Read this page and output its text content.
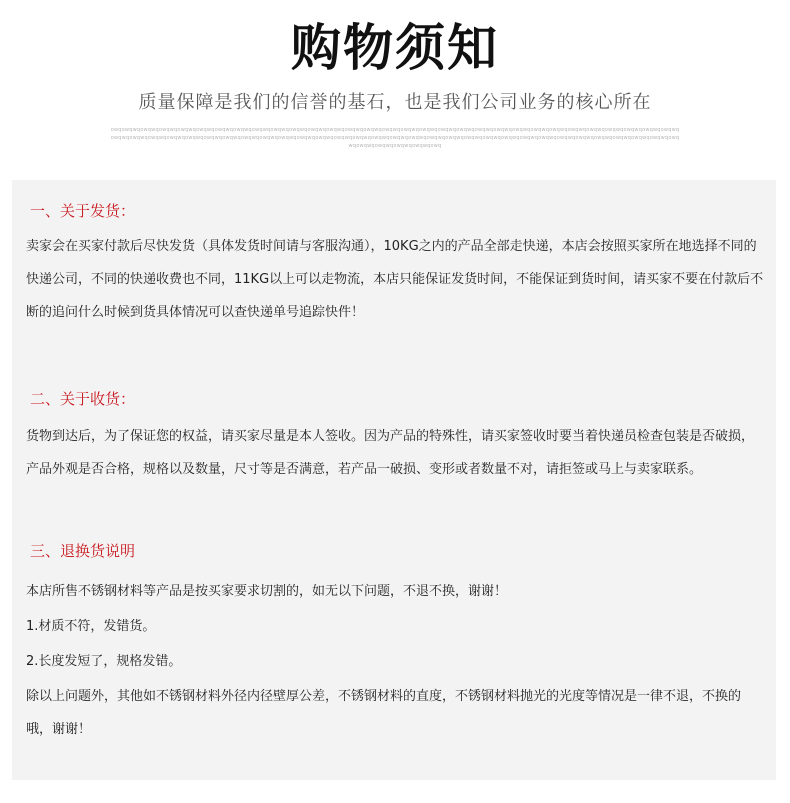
购物须知
质量保障是我们的信誉的基石，也是我们公司业务的核心所在
owqowqwqowqwqowqwqowqwqowqwqowqwqowqwqowqwqowqwqowqwqowqwqowqwqowqwqowqwqowqwqowqwqowqwqowqwqowqwqowqwqowqwqowqwqowqwqowqwqowqwqowqwqowqwqowqwqowqwqowqwqowqwqowqwqowqwqowqwqowqwqowqwqowqwqowqwqowqwqowqwqowqwqowqwqowqwqowqwqowqwqowqwqowqwqowqwqowqwqowqwqowqwqowqwqowqwqowqwqowqwqowqwqowqwqowqwqowqwqowqwqowqwqowqwqowqwqowqwqowqwqowq
一、关于发货：
卖家会在买家付款后尽快发货（具体发货时间请与客服沟通），10KG之内的产品全部走快递，本店会按照买家所在地选择不同的快递公司，不同的快递收费也不同，11KG以上可以走物流，本店只能保证发货时间，不能保证到货时间，请买家不要在付款后不断的追问什么时候到货具体情况可以查快递单号追踪快件！
二、关于收货：
货物到达后，为了保证您的权益，请买家尽量是本人签收。因为产品的特殊性，请买家签收时要当着快递员检查包装是否破损，产品外观是否合格，规格以及数量，尺寸等是否满意，若产品一破损、变形或者数量不对，请拒签或马上与卖家联系。
三、退换货说明
本店所售不锈钢材料等产品是按买家要求切割的，如无以下问题，不退不换，谢谢！
1.材质不符，发错货。
2.长度发短了，规格发错。
除以上问题外，其他如不锈钢材料外径内径壁厚公差，不锈钢材料的直度，不锈钢材料抛光的光度等情况是一律不退，不换的哦，谢谢！
